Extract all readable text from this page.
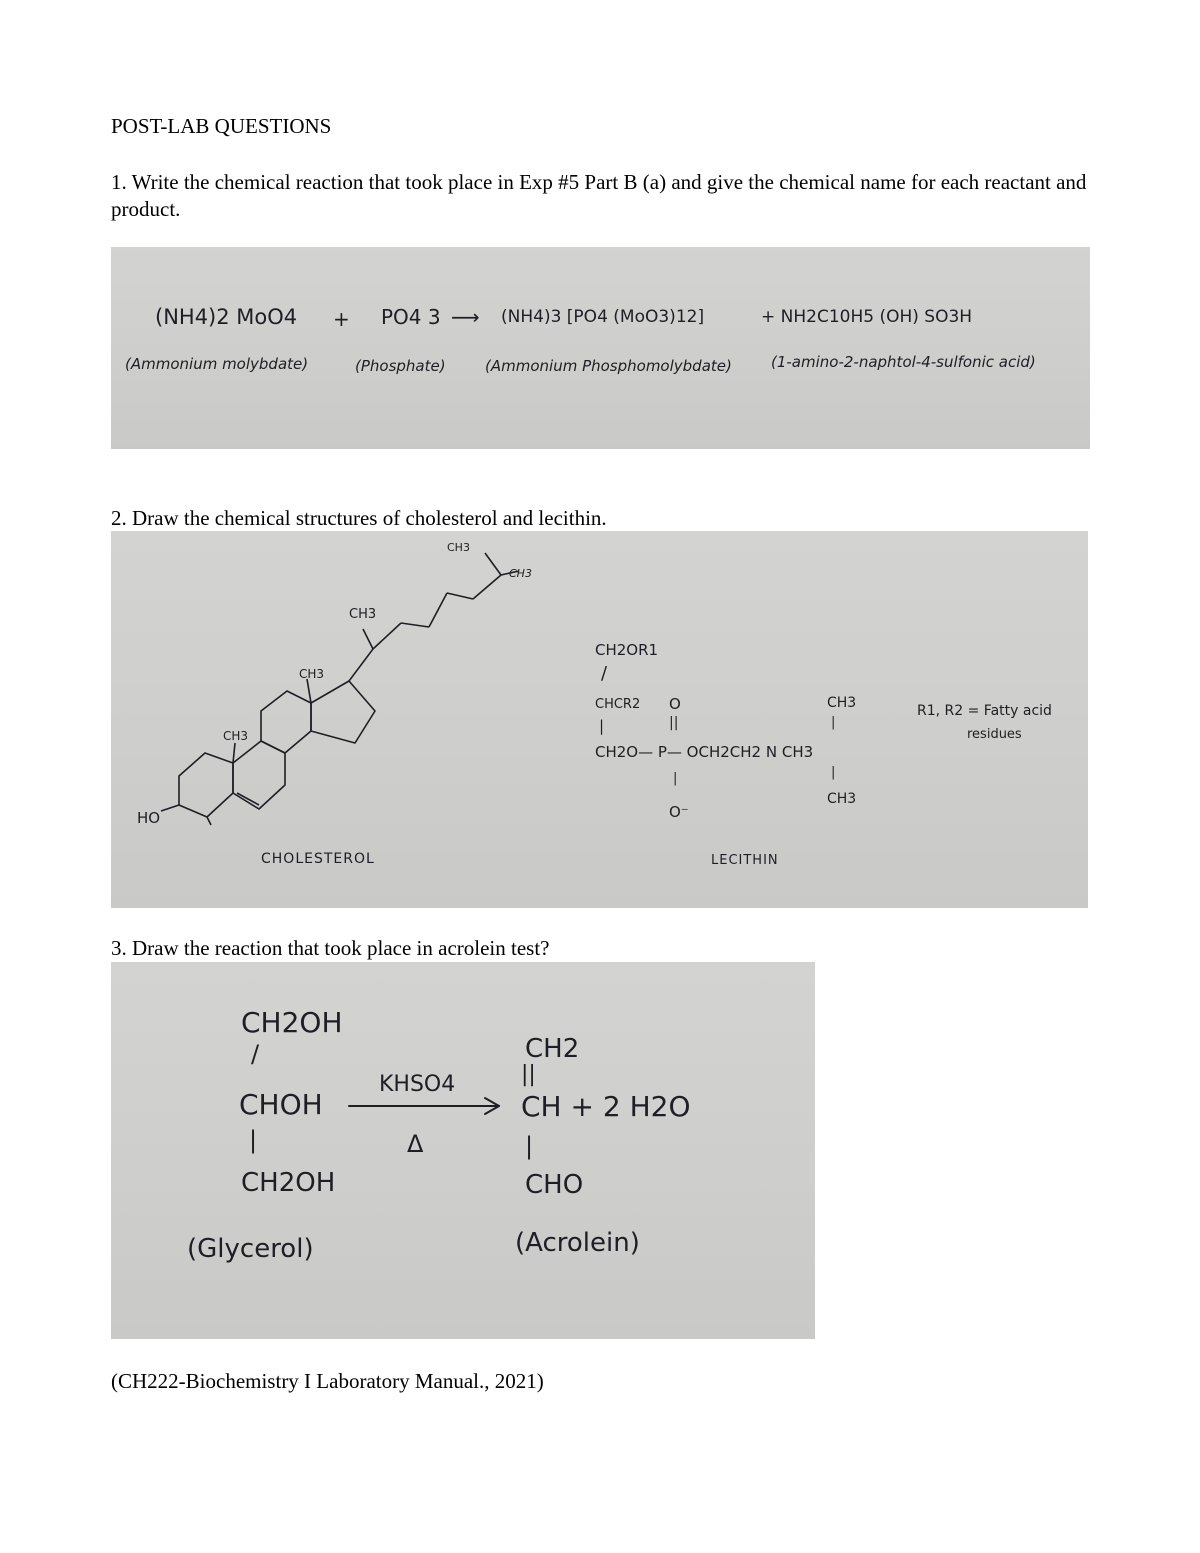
POST-LAB QUESTIONS
1. Write the chemical reaction that took place in Exp #5 Part B (a) and give the chemical name for each reactant and product.
(NH4)2 MoO4 + PO4 3 ⟶ (NH4)3 [PO4 (MoO3)12]	+ NH2C10H5 (OH) SO3H
(Ammonium molybdate)	(Phosphate)	(Ammonium Phosphomolybdate)	(1-amino-2-naphtol-4-sulfonic acid)
2. Draw the chemical structures of cholesterol and lecithin.
HO
CH3
CH3
CH3
CH3
CH3
CHOLESTEROL
CH2OR1
/
CHCR2 O
||
|
CH2O— P— OCH2CH2 N CH3
CH3
|
|
CH3
|
O⁻
LECITHIN
R1, R2 = Fatty acid
residues
3. Draw the reaction that took place in acrolein test?
CH2OH
/
CHOH
|
CH2OH
KHSO4
Δ
CH2
||
CH + 2 H2O
|
CHO
(Glycerol)	(Acrolein)
(CH222-Biochemistry I Laboratory Manual., 2021)
